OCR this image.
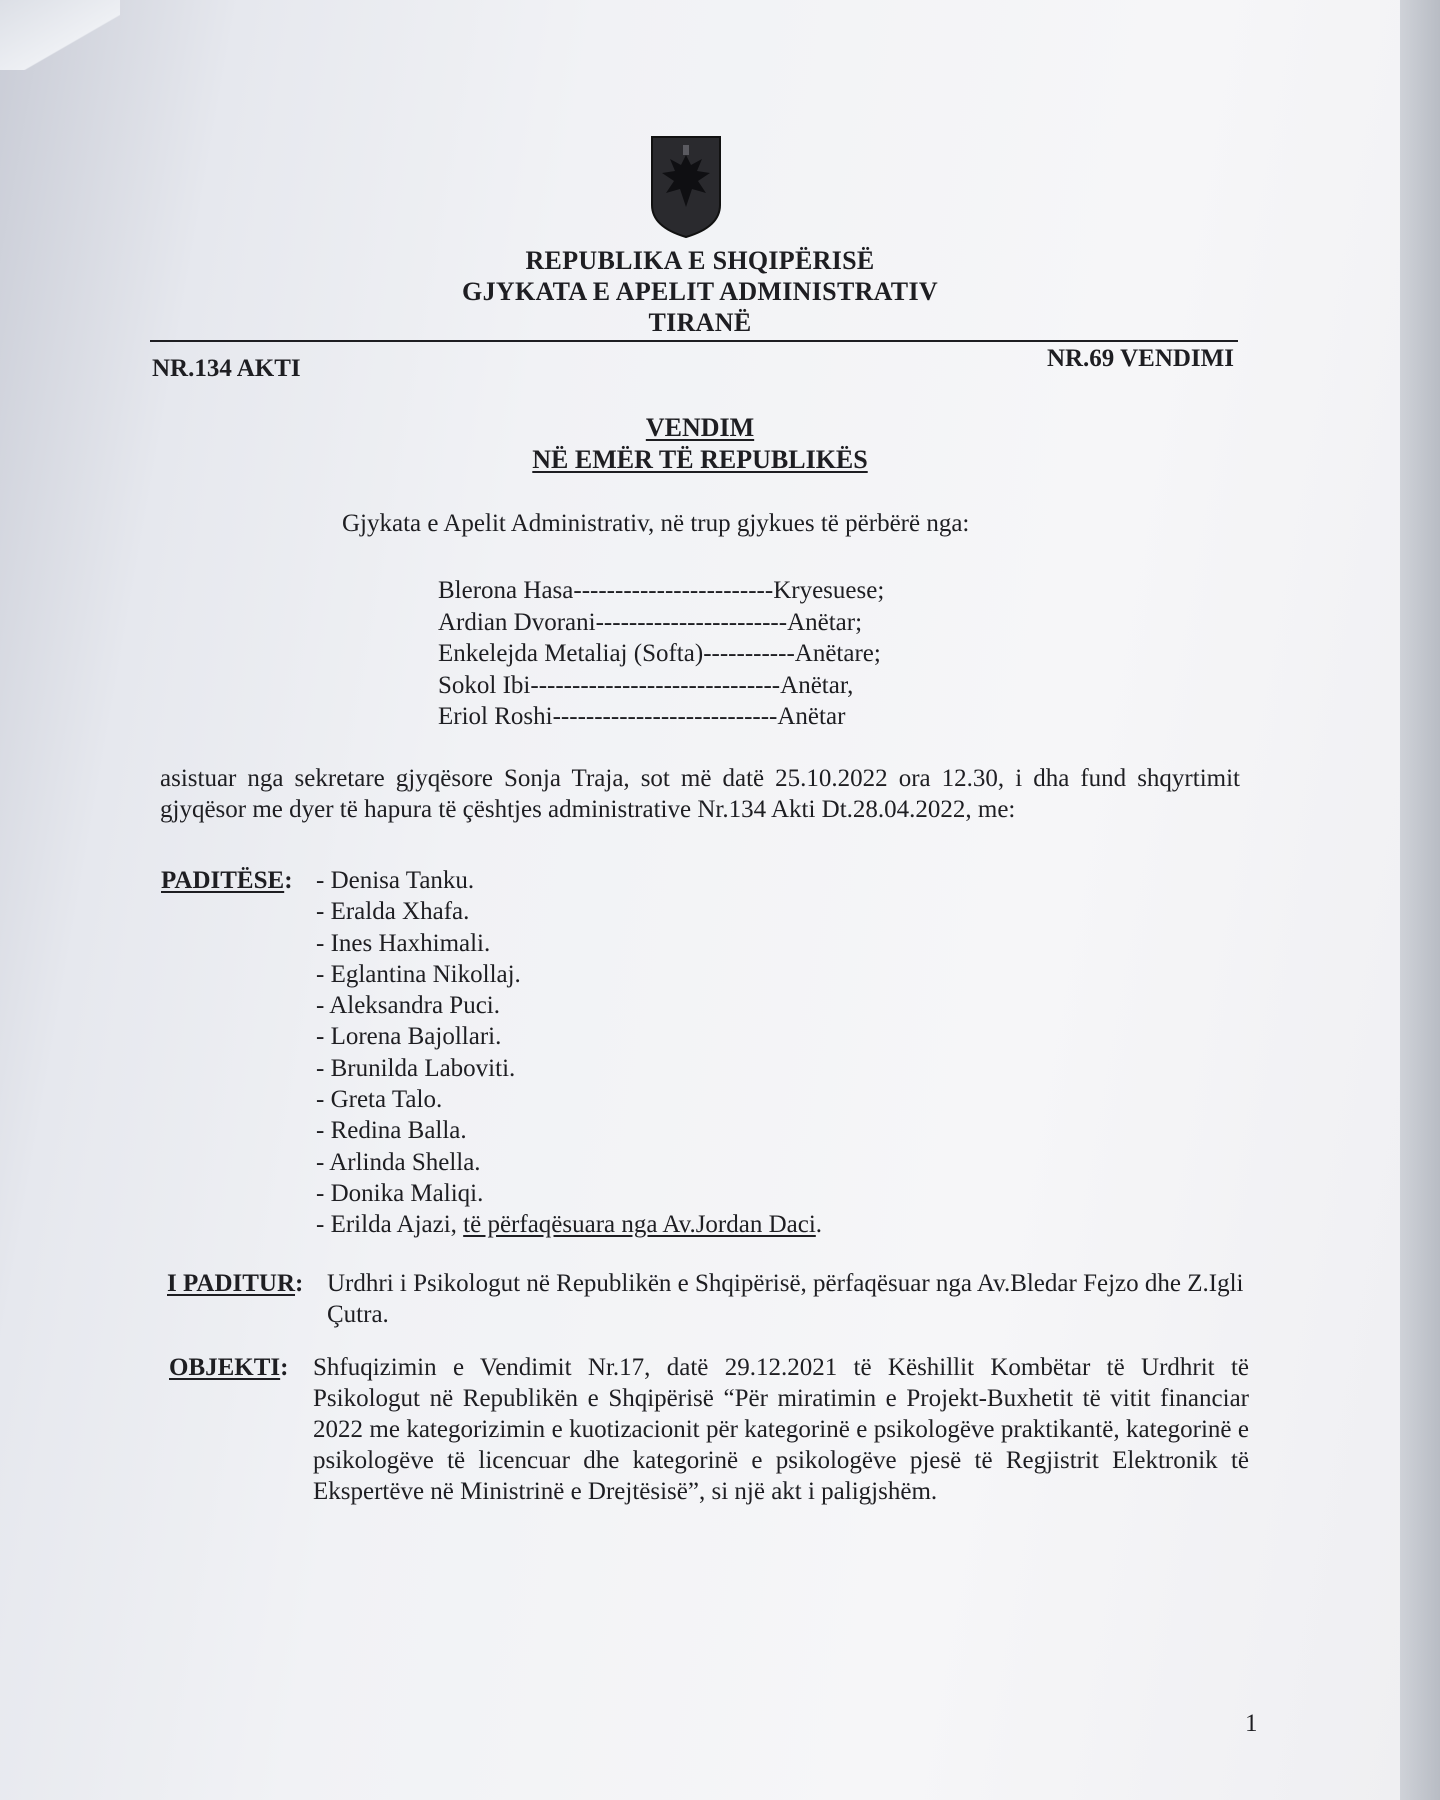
REPUBLIKA E SHQIPËRISË
GJYKATA E APELIT ADMINISTRATIV
TIRANË
NR.134 AKTI	NR.69 VENDIMI
VENDIM
NË EMËR TË REPUBLIKËS
Gjykata e Apelit Administrativ, në trup gjykues të përbërë nga:
Blerona Hasa------------------------Kryesuese;
Ardian Dvorani-----------------------Anëtar;
Enkelejda Metaliaj (Softa)-----------Anëtare;
Sokol Ibi------------------------------Anëtar,
Eriol Roshi---------------------------Anëtar
asistuar nga sekretare gjyqësore Sonja Traja, sot më datë 25.10.2022 ora 12.30, i dha fund shqyrtimit gjyqësor me dyer të hapura të çështjes administrative Nr.134 Akti Dt.28.04.2022, me:
PADITËSE: - Denisa Tanku.
- Eralda Xhafa.
- Ines Haxhimali.
- Eglantina Nikollaj.
- Aleksandra Puci.
- Lorena Bajollari.
- Brunilda Laboviti.
- Greta Talo.
- Redina Balla.
- Arlinda Shella.
- Donika Maliqi.
- Erilda Ajazi, të përfaqësuara nga Av.Jordan Daci.
I PADITUR: Urdhri i Psikologut në Republikën e Shqipërisë, përfaqësuar nga Av.Bledar Fejzo dhe Z.Igli Çutra.
OBJEKTI: Shfuqizimin e Vendimit Nr.17, datë 29.12.2021 të Këshillit Kombëtar të Urdhrit të Psikologut në Republikën e Shqipërisë “Për miratimin e Projekt-Buxhetit të vitit financiar 2022 me kategorizimin e kuotizacionit për kategorinë e psikologëve praktikantë, kategorinë e psikologëve të licencuar dhe kategorinë e psikologëve pjesë të Regjistrit Elektronik të Ekspertëve në Ministrinë e Drejtësisë”, si një akt i paligjshëm.
1
